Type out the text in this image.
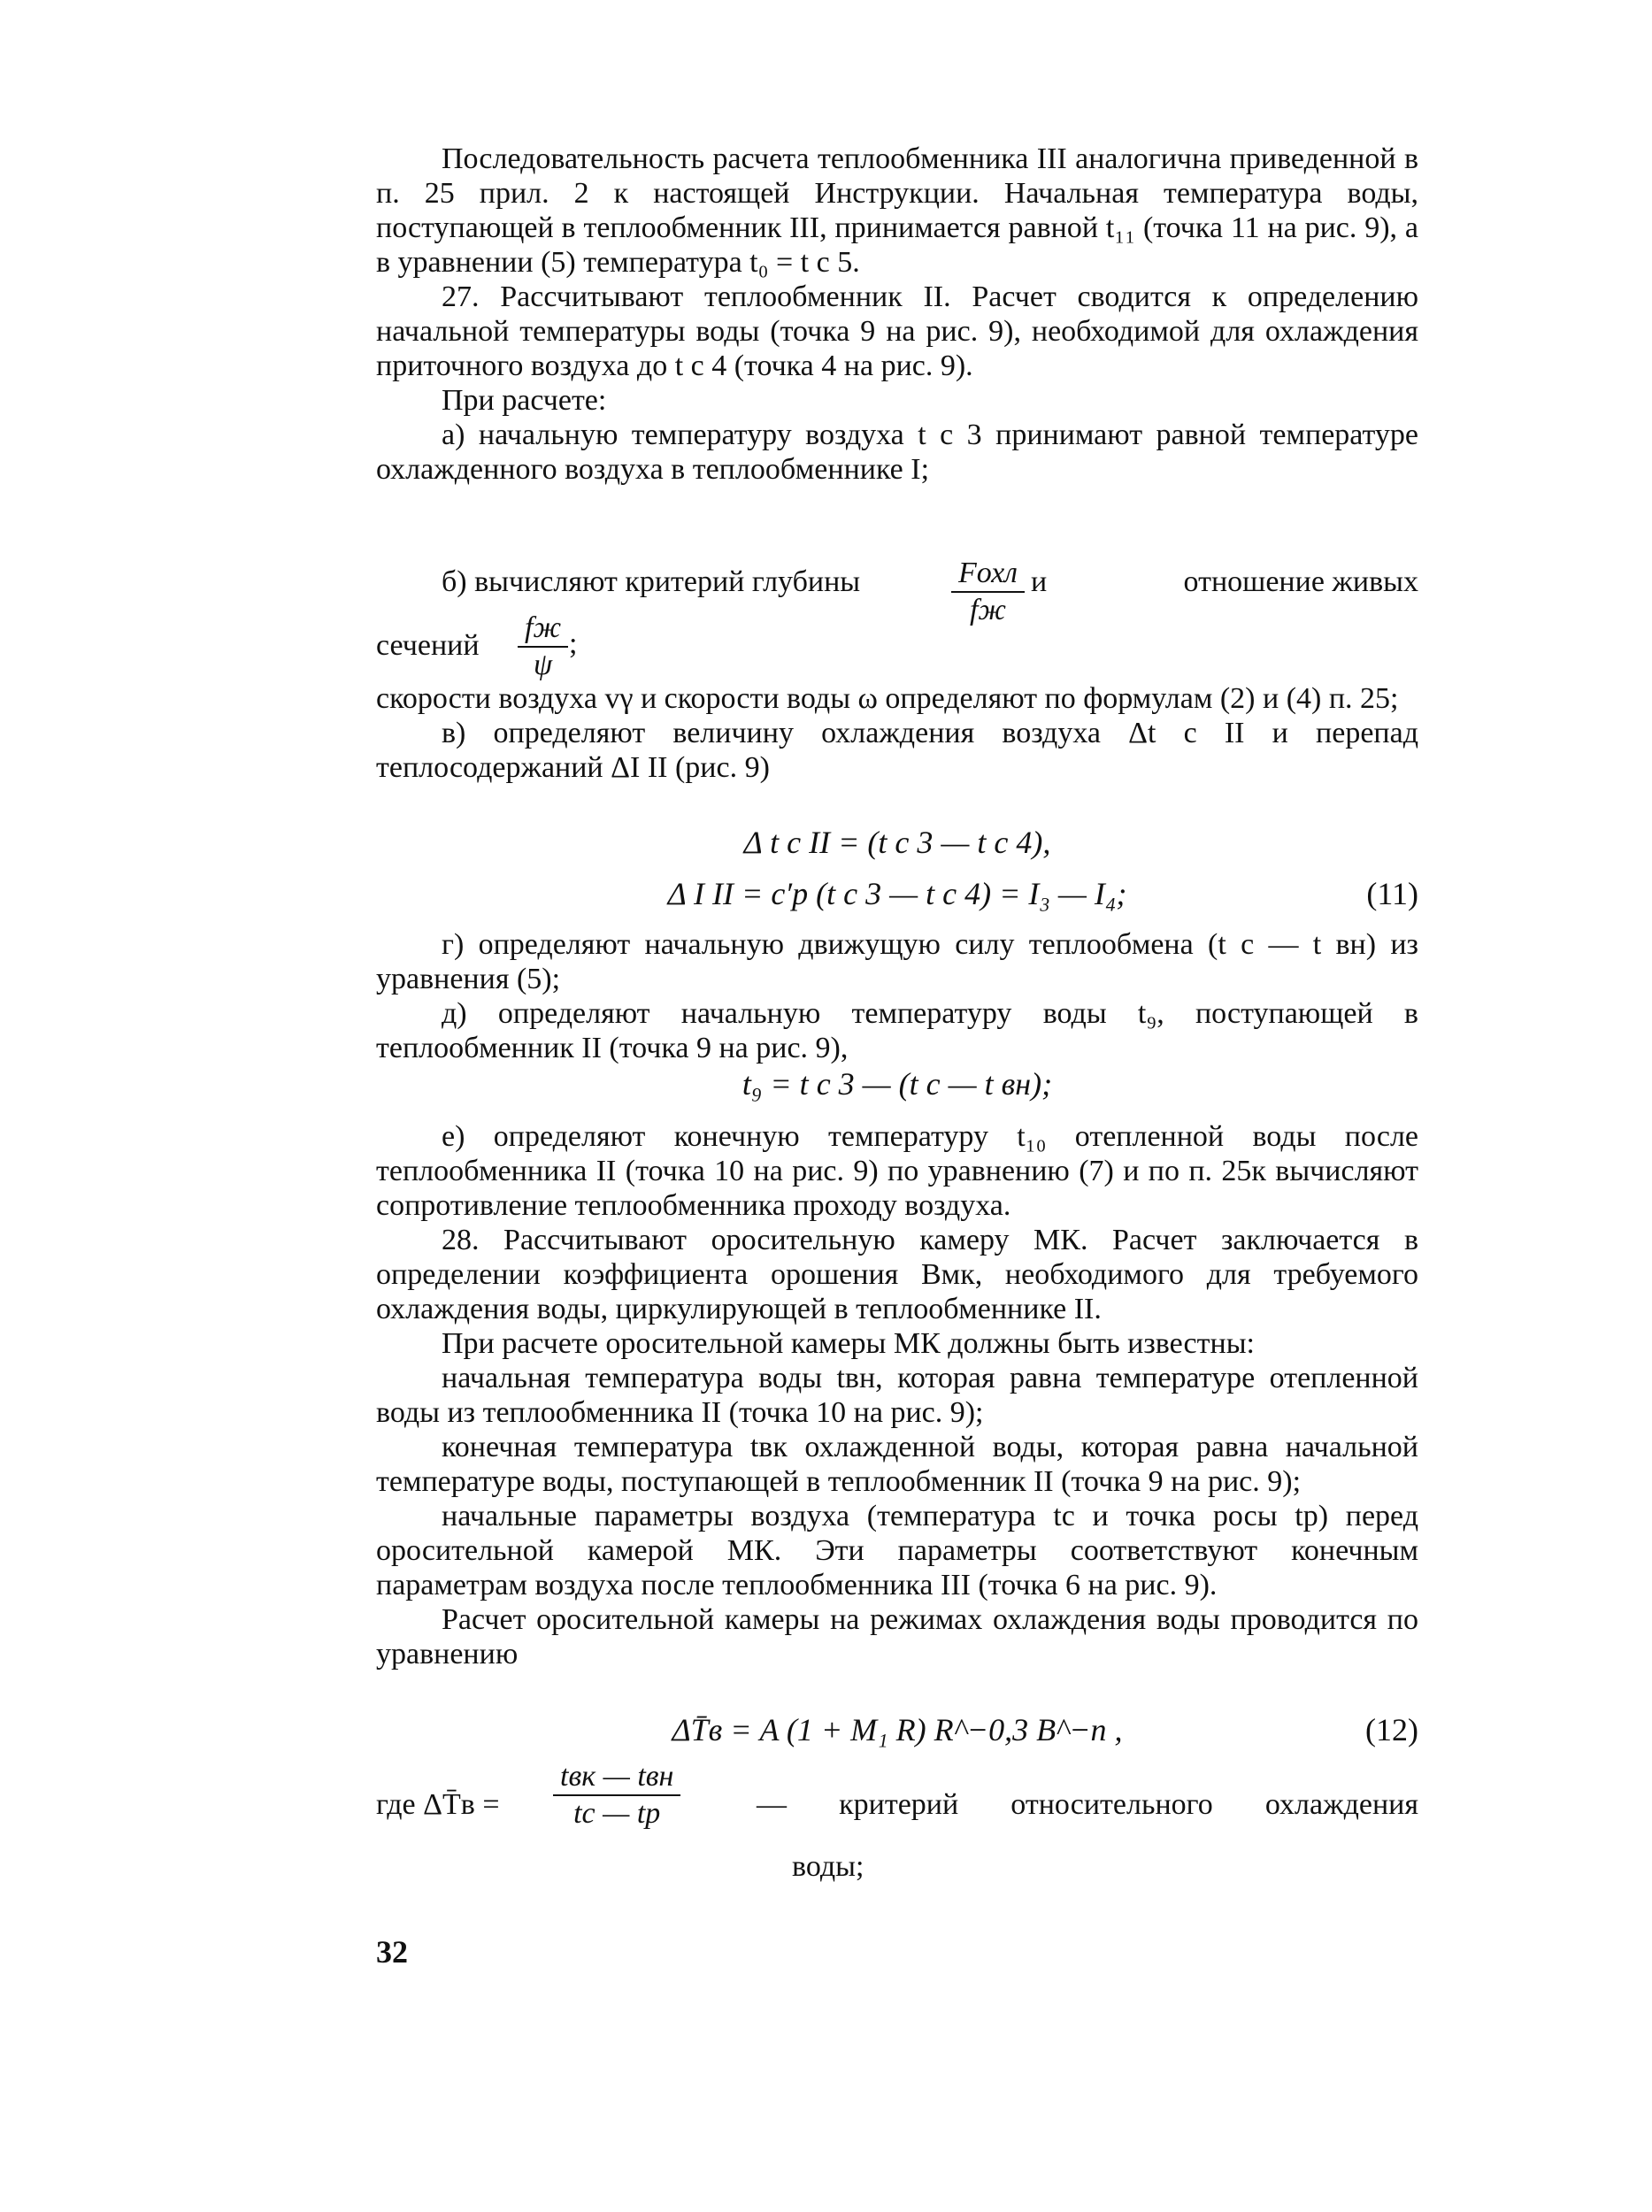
Последовательность расчета теплообменника III аналогична приведенной в п. 25 прил. 2 к настоящей Инструкции. Начальная температура воды, поступающей в теплообменник III, принимается равной t₁₁ (точка 11 на рис. 9), а в уравнении (5) температура t₀ = t с 5.

27. Рассчитывают теплообменник II. Расчет сводится к определению начальной температуры воды (точка 9 на рис. 9), необходимой для охлаждения приточного воздуха до t с 4 (точка 4 на рис. 9).

При расчете:

а) начальную температуру воздуха t с 3 принимают равной температуре охлажденного воздуха в теплообменнике I;

б) вычисляют критерий глубины	Fохл
fж
и	отношение живых
сечений
fж
ψ
;

скорости воздуха vγ и скорости воды ω определяют по формулам (2) и (4) п. 25;

в) определяют величину охлаждения воздуха Δt с II и перепад теплосодержаний ΔI II (рис. 9)

Δ t с II = (t с 3 — t с 4),
Δ I II = c′p (t с 3 — t с 4) = I₃ — I₄;	(11)

г) определяют начальную движущую силу теплообмена (t с — t вн) из уравнения (5);

д) определяют начальную температуру воды t₉, поступающей в теплообменник II (точка 9 на рис. 9),

t₉ = t с 3 — (t с — t вн);

е) определяют конечную температуру t₁₀ отепленной воды после теплообменника II (точка 10 на рис. 9) по уравнению (7) и по п. 25к вычисляют сопротивление теплообменника проходу воздуха.

28. Рассчитывают оросительную камеру МК. Расчет заключается в определении коэффициента орошения Bмк, необходимого для требуемого охлаждения воды, циркулирующей в теплообменнике II.

При расчете оросительной камеры МК должны быть известны:

начальная температура воды tвн, которая равна температуре отепленной воды из теплообменника II (точка 10 на рис. 9);

конечная температура tвк охлажденной воды, которая равна начальной температуре воды, поступающей в теплообменник II (точка 9 на рис. 9);

начальные параметры воздуха (температура tс и точка росы tр) перед оросительной камерой МК. Эти параметры соответствуют конечным параметрам воздуха после теплообменника III (точка 6 на рис. 9).

Расчет оросительной камеры на режимах охлаждения воды проводится по уравнению

ΔT̄в = A (1 + M₁ R) R^−0,3 B^−n ,	(12)
где ΔT̄в =
tвк — tвн
tс — tр	— критерий относительного охлаждения
воды;
32
